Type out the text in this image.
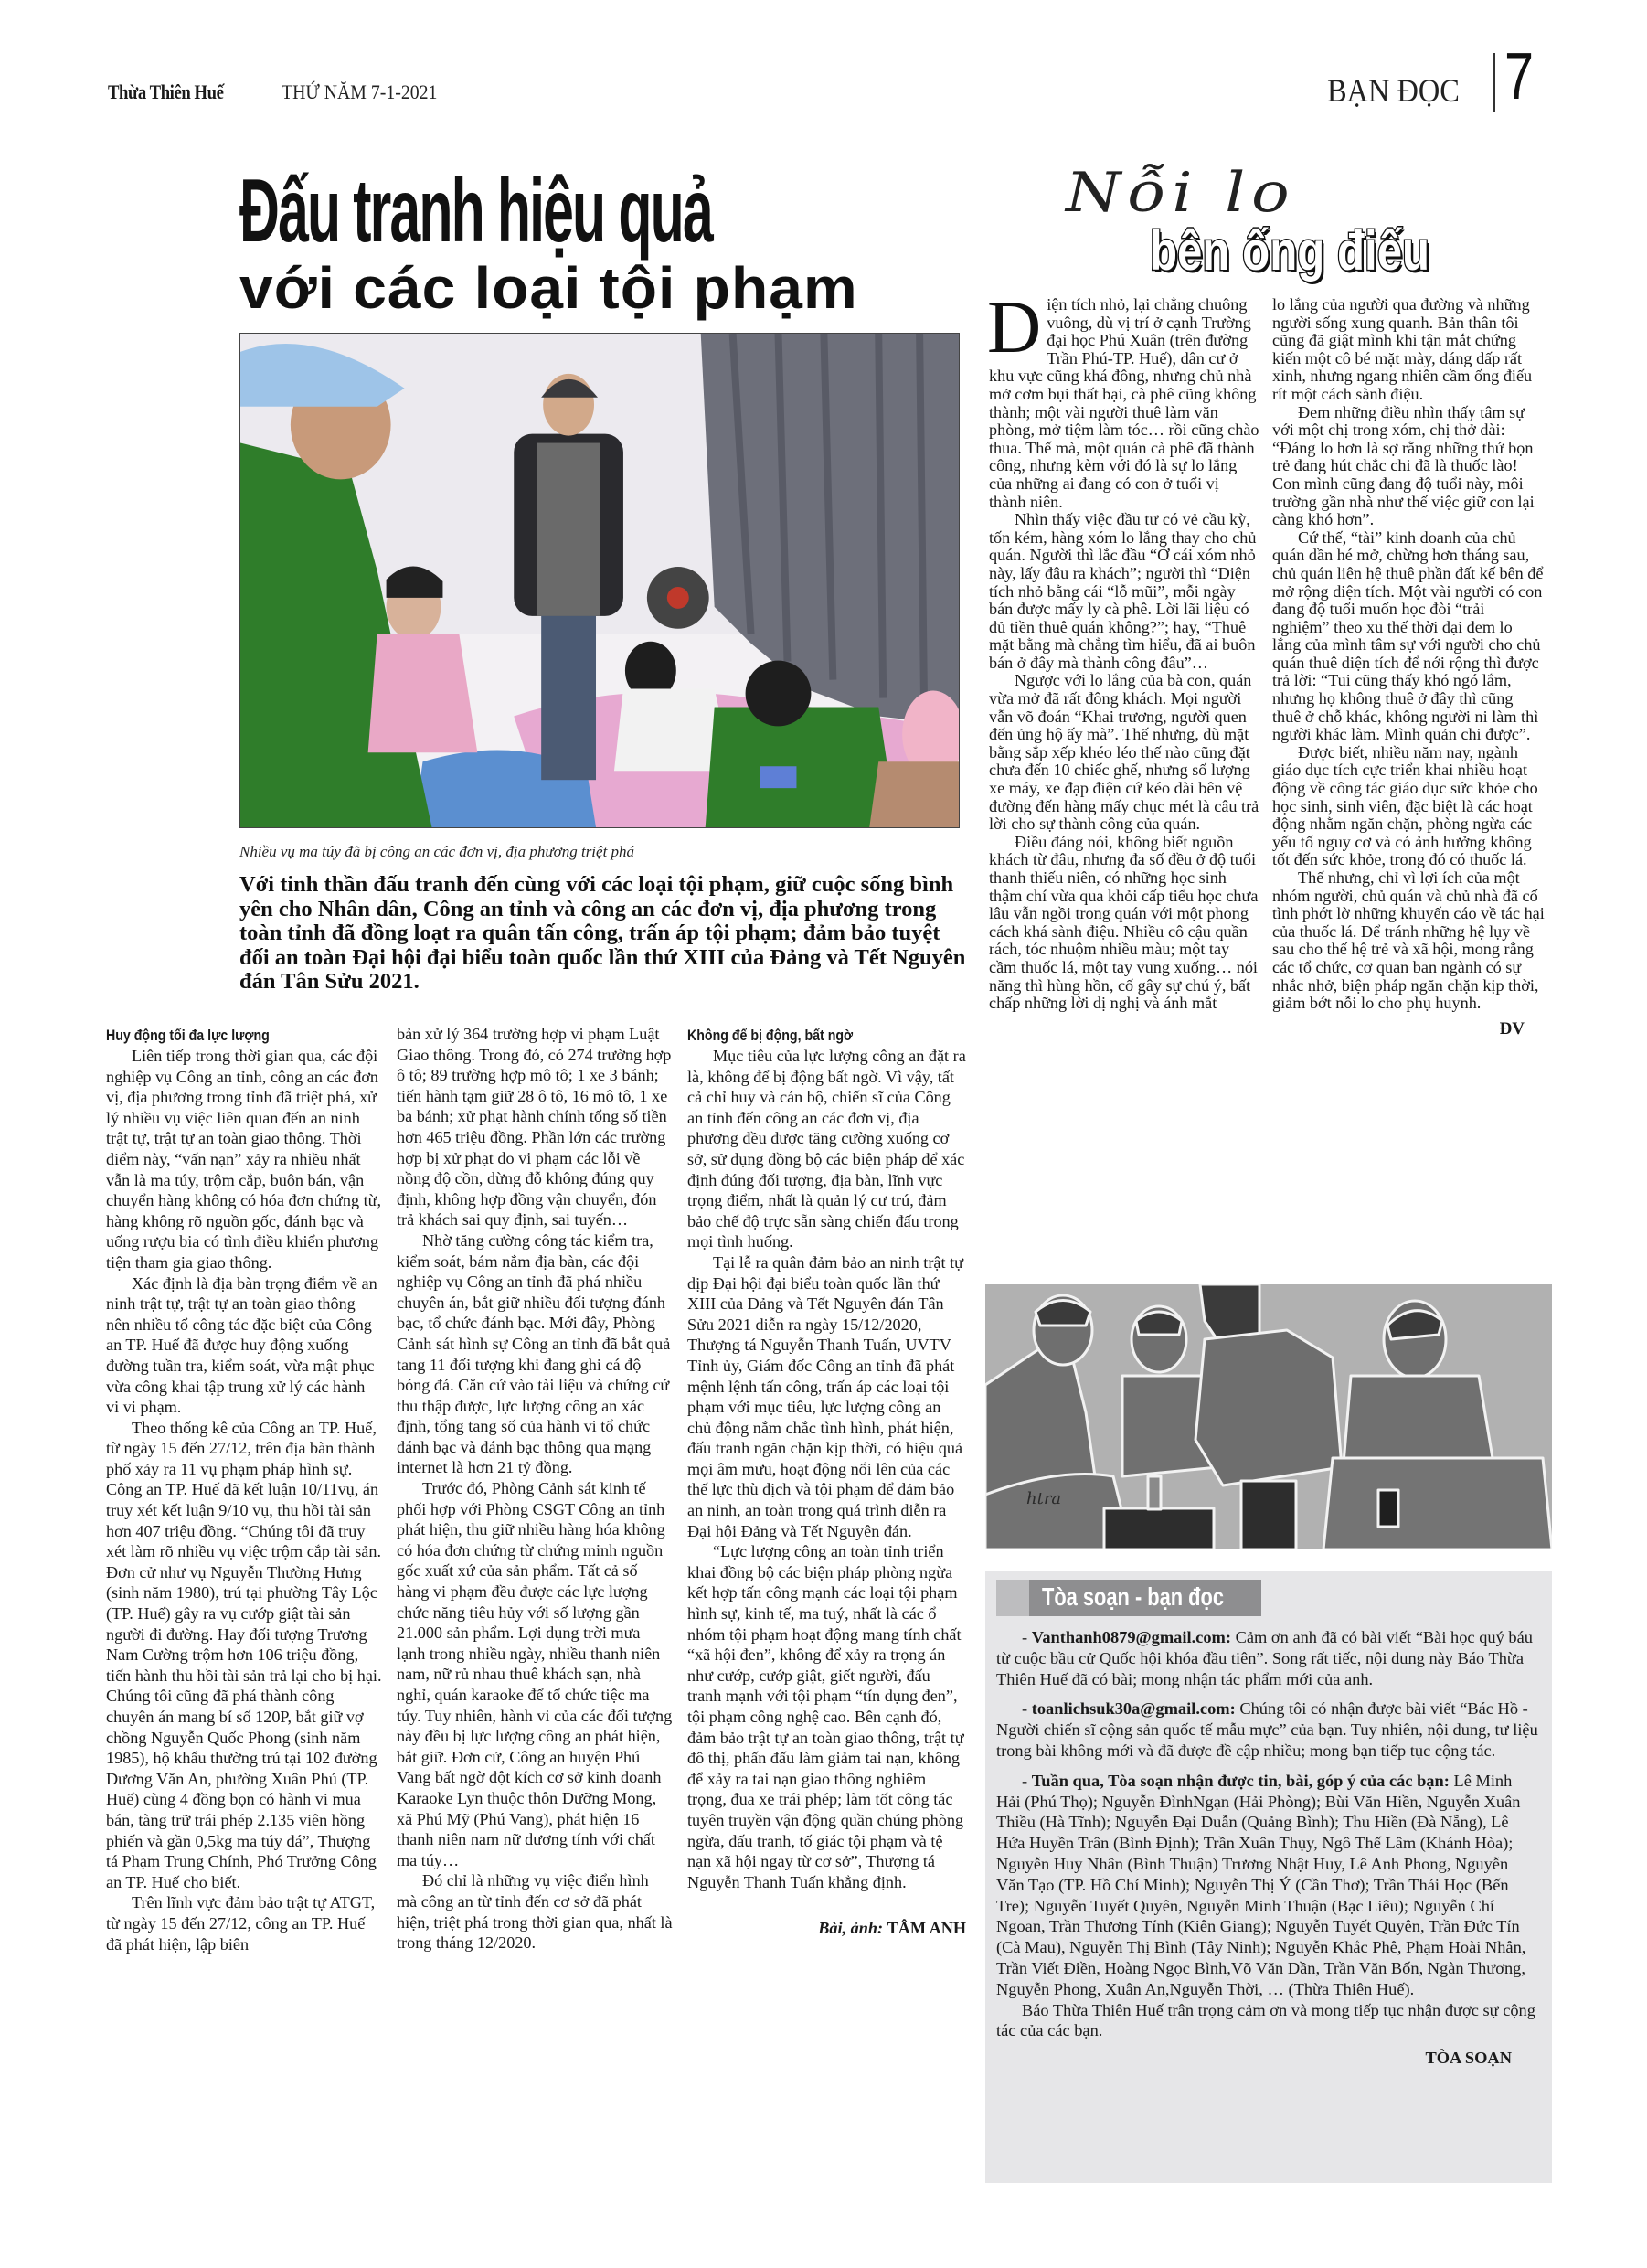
Thừa Thiên Huế	THỨ NĂM 7-1-2021	BẠN ĐỌC 7
Đấu tranh hiệu quả
với các loại tội phạm
Nhiều vụ ma túy đã bị công an các đơn vị, địa phương triệt phá
Với tinh thần đấu tranh đến cùng với các loại tội phạm, giữ cuộc sống bình yên cho Nhân dân, Công an tỉnh và công an các đơn vị, địa phương trong toàn tỉnh đã đồng loạt ra quân tấn công, trấn áp tội phạm; đảm bảo tuyệt đối an toàn Đại hội đại biểu toàn quốc lần thứ XIII của Đảng và Tết Nguyên đán Tân Sửu 2021.
Huy động tối đa lực lượng

Liên tiếp trong thời gian qua, các đội nghiệp vụ Công an tỉnh, công an các đơn vị, địa phương trong tỉnh đã triệt phá, xử lý nhiều vụ việc liên quan đến an ninh trật tự, trật tự an toàn giao thông. Thời điểm này, “vấn nạn” xảy ra nhiều nhất vẫn là ma túy, trộm cắp, buôn bán, vận chuyển hàng không có hóa đơn chứng từ, hàng không rõ nguồn gốc, đánh bạc và uống rượu bia có tình điều khiển phương tiện tham gia giao thông.

Xác định là địa bàn trọng điểm về an ninh trật tự, trật tự an toàn giao thông nên nhiều tổ công tác đặc biệt của Công an TP. Huế đã được huy động xuống đường tuần tra, kiểm soát, vừa mật phục vừa công khai tập trung xử lý các hành vi vi phạm.

Theo thống kê của Công an TP. Huế, từ ngày 15 đến 27/12, trên địa bàn thành phố xảy ra 11 vụ phạm pháp hình sự. Công an TP. Huế đã kết luận 10/11vụ, án truy xét kết luận 9/10 vụ, thu hồi tài sản hơn 407 triệu đồng. “Chúng tôi đã truy xét làm rõ nhiều vụ việc trộm cắp tài sản. Đơn cử như vụ Nguyễn Thường Hưng (sinh năm 1980), trú tại phường Tây Lộc (TP. Huế) gây ra vụ cướp giật tài sản người đi đường. Hay đối tượng Trương Nam Cường trộm hơn 106 triệu đồng, tiến hành thu hồi tài sản trả lại cho bị hại. Chúng tôi cũng đã phá thành công chuyên án mang bí số 120P, bắt giữ vợ chồng Nguyễn Quốc Phong (sinh năm 1985), hộ khẩu thường trú tại 102 đường Dương Văn An, phường Xuân Phú (TP. Huế) cùng 4 đồng bọn có hành vi mua bán, tàng trữ trái phép 2.135 viên hồng phiến và gần 0,5kg ma túy đá”, Thượng tá Phạm Trung Chính, Phó Trưởng Công an TP. Huế cho biết.

Trên lĩnh vực đảm bảo trật tự ATGT, từ ngày 15 đến 27/12, công an TP. Huế đã phát hiện, lập biên

bản xử lý 364 trường hợp vi phạm Luật Giao thông. Trong đó, có 274 trường hợp ô tô; 89 trường hợp mô tô; 1 xe 3 bánh; tiến hành tạm giữ 28 ô tô, 16 mô tô, 1 xe ba bánh; xử phạt hành chính tổng số tiền hơn 465 triệu đồng. Phần lớn các trường hợp bị xử phạt do vi phạm các lỗi về nồng độ cồn, dừng đỗ không đúng quy định, không hợp đồng vận chuyển, đón trả khách sai quy định, sai tuyến…

Nhờ tăng cường công tác kiểm tra, kiểm soát, bám nắm địa bàn, các đội nghiệp vụ Công an tỉnh đã phá nhiều chuyên án, bắt giữ nhiều đối tượng đánh bạc, tổ chức đánh bạc. Mới đây, Phòng Cảnh sát hình sự Công an tỉnh đã bắt quả tang 11 đối tượng khi đang ghi cá độ bóng đá. Căn cứ vào tài liệu và chứng cứ thu thập được, lực lượng công an xác định, tổng tang số của hành vi tổ chức đánh bạc và đánh bạc thông qua mạng internet là hơn 21 tỷ đồng.

Trước đó, Phòng Cảnh sát kinh tế phối hợp với Phòng CSGT Công an tỉnh phát hiện, thu giữ nhiều hàng hóa không có hóa đơn chứng từ chứng minh nguồn gốc xuất xứ của sản phẩm. Tất cả số hàng vi phạm đều được các lực lượng chức năng tiêu hủy với số lượng gần 21.000 sản phẩm. Lợi dụng trời mưa lạnh trong nhiều ngày, nhiều thanh niên nam, nữ rủ nhau thuê khách sạn, nhà nghỉ, quán karaoke để tổ chức tiệc ma túy. Tuy nhiên, hành vi của các đối tượng này đều bị lực lượng công an phát hiện, bắt giữ. Đơn cử, Công an huyện Phú Vang bất ngờ đột kích cơ sở kinh doanh Karaoke Lyn thuộc thôn Dưỡng Mong, xã Phú Mỹ (Phú Vang), phát hiện 16 thanh niên nam nữ dương tính với chất ma túy…

Đó chỉ là những vụ việc điển hình mà công an từ tỉnh đến cơ sở đã phát hiện, triệt phá trong thời gian qua, nhất là trong tháng 12/2020.

Không để bị động, bất ngờ

Mục tiêu của lực lượng công an đặt ra là, không để bị động bất ngờ. Vì vậy, tất cả chỉ huy và cán bộ, chiến sĩ của Công an tỉnh đến công an các đơn vị, địa phương đều được tăng cường xuống cơ sở, sử dụng đồng bộ các biện pháp để xác định đúng đối tượng, địa bàn, lĩnh vực trọng điểm, nhất là quản lý cư trú, đảm bảo chế độ trực sẵn sàng chiến đấu trong mọi tình huống.

Tại lễ ra quân đảm bảo an ninh trật tự dịp Đại hội đại biểu toàn quốc lần thứ XIII của Đảng và Tết Nguyên đán Tân Sửu 2021 diễn ra ngày 15/12/2020, Thượng tá Nguyễn Thanh Tuấn, UVTV Tỉnh ủy, Giám đốc Công an tỉnh đã phát mệnh lệnh tấn công, trấn áp các loại tội phạm với mục tiêu, lực lượng công an chủ động nắm chắc tình hình, phát hiện, đấu tranh ngăn chặn kịp thời, có hiệu quả mọi âm mưu, hoạt động nổi lên của các thế lực thù địch và tội phạm để đảm bảo an ninh, an toàn trong quá trình diễn ra Đại hội Đảng và Tết Nguyên đán.

“Lực lượng công an toàn tỉnh triển khai đồng bộ các biện pháp phòng ngừa kết hợp tấn công mạnh các loại tội phạm hình sự, kinh tế, ma tuý, nhất là các ổ nhóm tội phạm hoạt động mang tính chất “xã hội đen”, không để xảy ra trọng án như cướp, cướp giật, giết người, đấu tranh mạnh với tội phạm “tín dụng đen”, tội phạm công nghệ cao. Bên cạnh đó, đảm bảo trật tự an toàn giao thông, trật tự đô thị, phấn đấu làm giảm tai nạn, không để xảy ra tai nạn giao thông nghiêm trọng, đua xe trái phép; làm tốt công tác tuyên truyền vận động quần chúng phòng ngừa, đấu tranh, tố giác tội phạm và tệ nạn xã hội ngay từ cơ sở”, Thượng tá Nguyễn Thanh Tuấn khẳng định.

Bài, ảnh: TÂM ANH
Nỗi lo
bên ống điếu

Diện tích nhỏ, lại chẳng chuông vuông, dù vị trí ở cạnh Trường đại học Phú Xuân (trên đường Trần Phú-TP. Huế), dân cư ở khu vực cũng khá đông, nhưng chủ nhà mở cơm bụi thất bại, cà phê cũng không thành; một vài người thuê làm văn phòng, mở tiệm làm tóc… rồi cũng chào thua. Thế mà, một quán cà phê đã thành công, nhưng kèm với đó là sự lo lắng của những ai đang có con ở tuổi vị thành niên.

Nhìn thấy việc đầu tư có vẻ cầu kỳ, tốn kém, hàng xóm lo lắng thay cho chủ quán. Người thì lắc đầu “Ở cái xóm nhỏ này, lấy đâu ra khách”; người thì “Diện tích nhỏ bằng cái “lỗ mũi”, mỗi ngày bán được mấy ly cà phê. Lời lãi liệu có đủ tiền thuê quán không?”; hay, “Thuê mặt bằng mà chẳng tìm hiểu, đã ai buôn bán ở đây mà thành công đâu”…

Ngược với lo lắng của bà con, quán vừa mở đã rất đông khách. Mọi người vẫn võ đoán “Khai trương, người quen đến ủng hộ ấy mà”. Thế nhưng, dù mặt bằng sắp xếp khéo léo thế nào cũng đặt chưa đến 10 chiếc ghế, nhưng số lượng xe máy, xe đạp điện cứ kéo dài bên vệ đường đến hàng mấy chục mét là câu trả lời cho sự thành công của quán.

Điều đáng nói, không biết nguồn khách từ đâu, nhưng đa số đều ở độ tuổi thanh thiếu niên, có những học sinh thậm chí vừa qua khỏi cấp tiểu học chưa lâu vẫn ngồi trong quán với một phong cách khá sành điệu. Nhiều cô cậu quần rách, tóc nhuộm nhiều màu; một tay cầm thuốc lá, một tay vung xuống… nói năng thì hùng hồn, cố gây sự chú ý, bất chấp những lời dị nghị và ánh mắt

lo lắng của người qua đường và những người sống xung quanh. Bản thân tôi cũng đã giật mình khi tận mắt chứng kiến một cô bé mặt mày, dáng dấp rất xinh, nhưng ngang nhiên cầm ống điếu rít một cách sành điệu.

Đem những điều nhìn thấy tâm sự với một chị trong xóm, chị thở dài: “Đáng lo hơn là sợ rằng những thứ bọn trẻ đang hút chắc chi đã là thuốc lào! Con mình cũng đang độ tuổi này, môi trường gần nhà như thế việc giữ con lại càng khó hơn”.

Cứ thế, “tài” kinh doanh của chủ quán dần hé mở, chừng hơn tháng sau, chủ quán liên hệ thuê phần đất kế bên để mở rộng diện tích. Một vài người có con đang độ tuổi muốn học đòi “trải nghiệm” theo xu thế thời đại đem lo lắng của mình tâm sự với người cho chủ quán thuê diện tích để nới rộng thì được trả lời: “Tui cũng thấy khó ngó lắm, nhưng họ không thuê ở đây thì cũng thuê ở chỗ khác, không người ni làm thì người khác làm. Mình quản chi được”.

Được biết, nhiều năm nay, ngành giáo dục tích cực triển khai nhiều hoạt động về công tác giáo dục sức khỏe cho học sinh, sinh viên, đặc biệt là các hoạt động nhằm ngăn chặn, phòng ngừa các yếu tố nguy cơ và có ảnh hưởng không tốt đến sức khỏe, trong đó có thuốc lá.

Thế nhưng, chỉ vì lợi ích của một nhóm người, chủ quán và chủ nhà đã cố tình phớt lờ những khuyến cáo về tác hại của thuốc lá. Để tránh những hệ lụy về sau cho thế hệ trẻ và xã hội, mong rằng các tổ chức, cơ quan ban ngành có sự nhắc nhở, biện pháp ngăn chặn kịp thời, giảm bớt nỗi lo cho phụ huynh.

ĐV
htra
Tòa soạn - bạn đọc

- Vanthanh0879@gmail.com: Cảm ơn anh đã có bài viết “Bài học quý báu từ cuộc bầu cử Quốc hội khóa đầu tiên”. Song rất tiếc, nội dung này Báo Thừa Thiên Huế đã có bài; mong nhận tác phẩm mới của anh.

- toanlichsuk30a@gmail.com: Chúng tôi có nhận được bài viết “Bác Hồ - Người chiến sĩ cộng sản quốc tế mẫu mực” của bạn. Tuy nhiên, nội dung, tư liệu trong bài không mới và đã được đề cập nhiều; mong bạn tiếp tục cộng tác.

- Tuần qua, Tòa soạn nhận được tin, bài, góp ý của các bạn: Lê Minh Hải (Phú Thọ); Nguyễn ĐìnhNgạn (Hải Phòng); Bùi Văn Hiền, Nguyễn Xuân Thiều (Hà Tĩnh); Nguyễn Đại Duẫn (Quảng Bình); Thu Hiền (Đà Nẵng), Lê Hứa Huyền Trân (Bình Định); Trần Xuân Thụy, Ngô Thế Lâm (Khánh Hòa); Nguyễn Huy Nhân (Bình Thuận) Trương Nhật Huy, Lê Anh Phong, Nguyễn Văn Tạo (TP. Hồ Chí Minh); Nguyễn Thị Ý (Cần Thơ); Trần Thái Học (Bến Tre); Nguyễn Tuyết Quyên, Nguyễn Minh Thuận (Bạc Liêu); Nguyễn Chí Ngoan, Trần Thương Tính (Kiên Giang); Nguyễn Tuyết Quyên, Trần Đức Tín (Cà Mau), Nguyễn Thị Bình (Tây Ninh); Nguyễn Khắc Phê, Phạm Hoài Nhân, Trần Viết Điền, Hoàng Ngọc Bình,Võ Văn Dần, Trần Văn Bốn, Ngàn Thương, Nguyễn Phong, Xuân An,Nguyễn Thời, … (Thừa Thiên Huế).

Báo Thừa Thiên Huế trân trọng cảm ơn và mong tiếp tục nhận được sự cộng tác của các bạn.

TÒA SOẠN
